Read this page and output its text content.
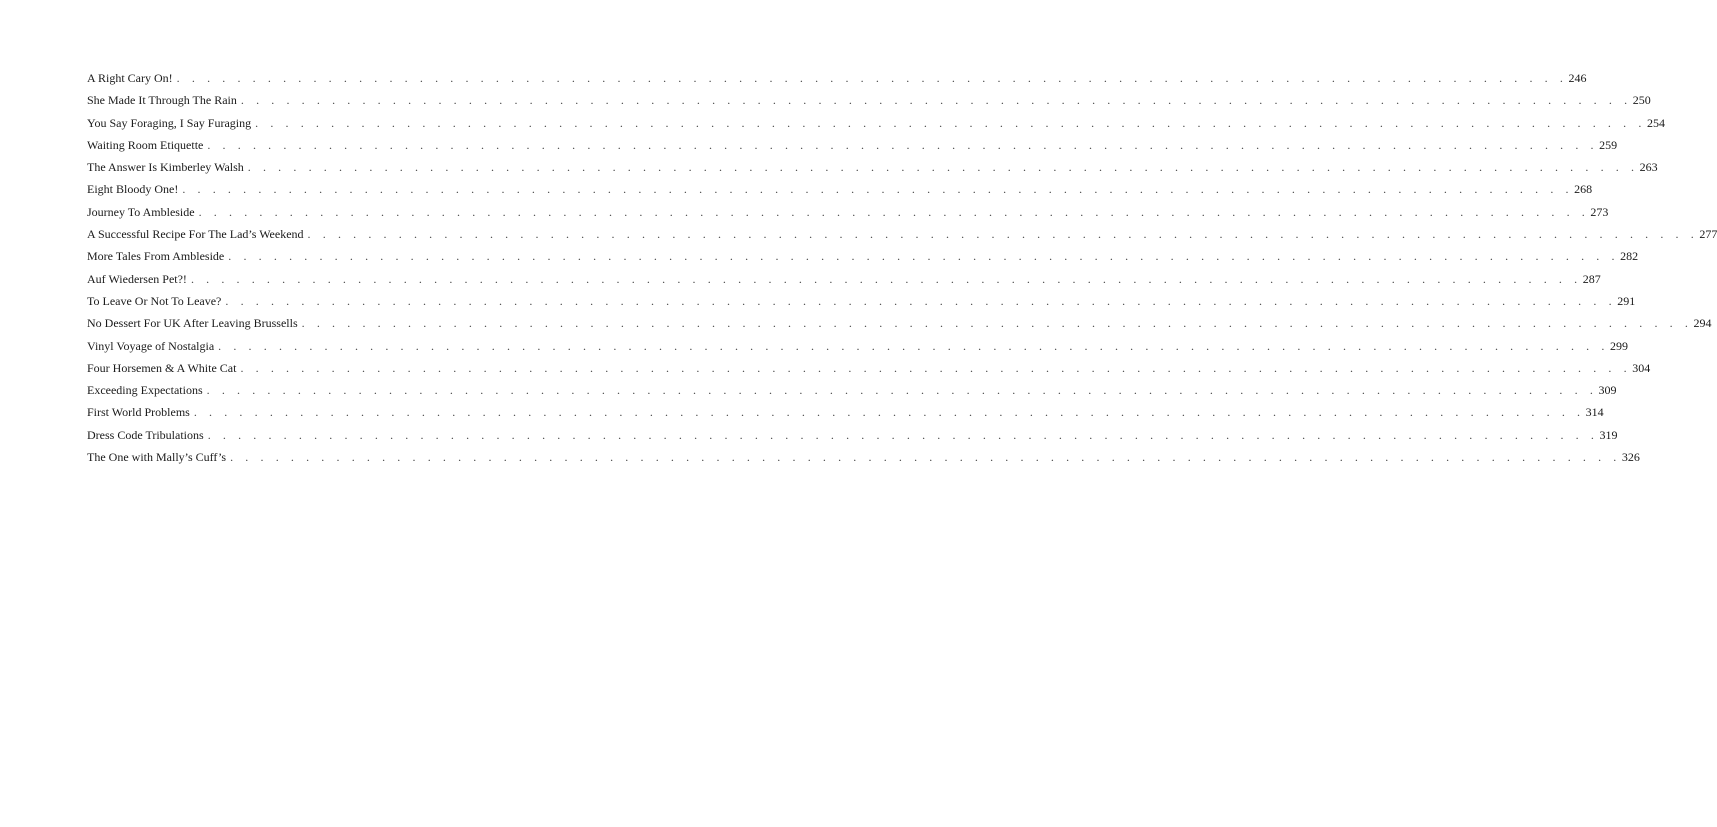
A Right Cary On! . . . . . . . . . . . . . . . . . . . . . . . . . . . . . . . . . . . . . . . . . . . . . . . . . . . . . . . . . . . . . . . . . . . . . . . . . . . . . . . . . . . . . . . . . . . . 246
She Made It Through The Rain . . . . . . . . . . . . . . . . . . . . . . . . . . . . . . . . . . . . . . . . . . . . . . . . . . . . . . . . . . . . . . . . . . . . . . . . . . . . . . . . . . . . . . . . . . . . 250
You Say Foraging, I Say Furaging . . . . . . . . . . . . . . . . . . . . . . . . . . . . . . . . . . . . . . . . . . . . . . . . . . . . . . . . . . . . . . . . . . . . . . . . . . . . . . . . . . . . . . . . . . . . 254
Waiting Room Etiquette . . . . . . . . . . . . . . . . . . . . . . . . . . . . . . . . . . . . . . . . . . . . . . . . . . . . . . . . . . . . . . . . . . . . . . . . . . . . . . . . . . . . . . . . . . . . 259
The Answer Is Kimberley Walsh . . . . . . . . . . . . . . . . . . . . . . . . . . . . . . . . . . . . . . . . . . . . . . . . . . . . . . . . . . . . . . . . . . . . . . . . . . . . . . . . . . . . . . . . . . . . 263
Eight Bloody One! . . . . . . . . . . . . . . . . . . . . . . . . . . . . . . . . . . . . . . . . . . . . . . . . . . . . . . . . . . . . . . . . . . . . . . . . . . . . . . . . . . . . . . . . . . . . 268
Journey To Ambleside . . . . . . . . . . . . . . . . . . . . . . . . . . . . . . . . . . . . . . . . . . . . . . . . . . . . . . . . . . . . . . . . . . . . . . . . . . . . . . . . . . . . . . . . . . . . 273
A Successful Recipe For The Lad’s Weekend . . . . . . . . . . . . . . . . . . . . . . . . . . . . . . . . . . . . . . . . . . . . . . . . . . . . . . . . . . . . . . . . . . . . . . . . . . . . . . . . . . . . . . . . . . . . 277
More Tales From Ambleside . . . . . . . . . . . . . . . . . . . . . . . . . . . . . . . . . . . . . . . . . . . . . . . . . . . . . . . . . . . . . . . . . . . . . . . . . . . . . . . . . . . . . . . . . . . . 282
Auf Wiedersen Pet?! . . . . . . . . . . . . . . . . . . . . . . . . . . . . . . . . . . . . . . . . . . . . . . . . . . . . . . . . . . . . . . . . . . . . . . . . . . . . . . . . . . . . . . . . . . . . 287
To Leave Or Not To Leave? . . . . . . . . . . . . . . . . . . . . . . . . . . . . . . . . . . . . . . . . . . . . . . . . . . . . . . . . . . . . . . . . . . . . . . . . . . . . . . . . . . . . . . . . . . . . 291
No Dessert For UK After Leaving Brussells . . . . . . . . . . . . . . . . . . . . . . . . . . . . . . . . . . . . . . . . . . . . . . . . . . . . . . . . . . . . . . . . . . . . . . . . . . . . . . . . . . . . . . . . . . . . 294
Vinyl Voyage of Nostalgia . . . . . . . . . . . . . . . . . . . . . . . . . . . . . . . . . . . . . . . . . . . . . . . . . . . . . . . . . . . . . . . . . . . . . . . . . . . . . . . . . . . . . . . . . . . . 299
Four Horsemen & A White Cat . . . . . . . . . . . . . . . . . . . . . . . . . . . . . . . . . . . . . . . . . . . . . . . . . . . . . . . . . . . . . . . . . . . . . . . . . . . . . . . . . . . . . . . . . . . . 304
Exceeding Expectations . . . . . . . . . . . . . . . . . . . . . . . . . . . . . . . . . . . . . . . . . . . . . . . . . . . . . . . . . . . . . . . . . . . . . . . . . . . . . . . . . . . . . . . . . . . . 309
First World Problems . . . . . . . . . . . . . . . . . . . . . . . . . . . . . . . . . . . . . . . . . . . . . . . . . . . . . . . . . . . . . . . . . . . . . . . . . . . . . . . . . . . . . . . . . . . . 314
Dress Code Tribulations . . . . . . . . . . . . . . . . . . . . . . . . . . . . . . . . . . . . . . . . . . . . . . . . . . . . . . . . . . . . . . . . . . . . . . . . . . . . . . . . . . . . . . . . . . . . 319
The One with Mally’s Cuff’s . . . . . . . . . . . . . . . . . . . . . . . . . . . . . . . . . . . . . . . . . . . . . . . . . . . . . . . . . . . . . . . . . . . . . . . . . . . . . . . . . . . . . . . . . . . . 326
